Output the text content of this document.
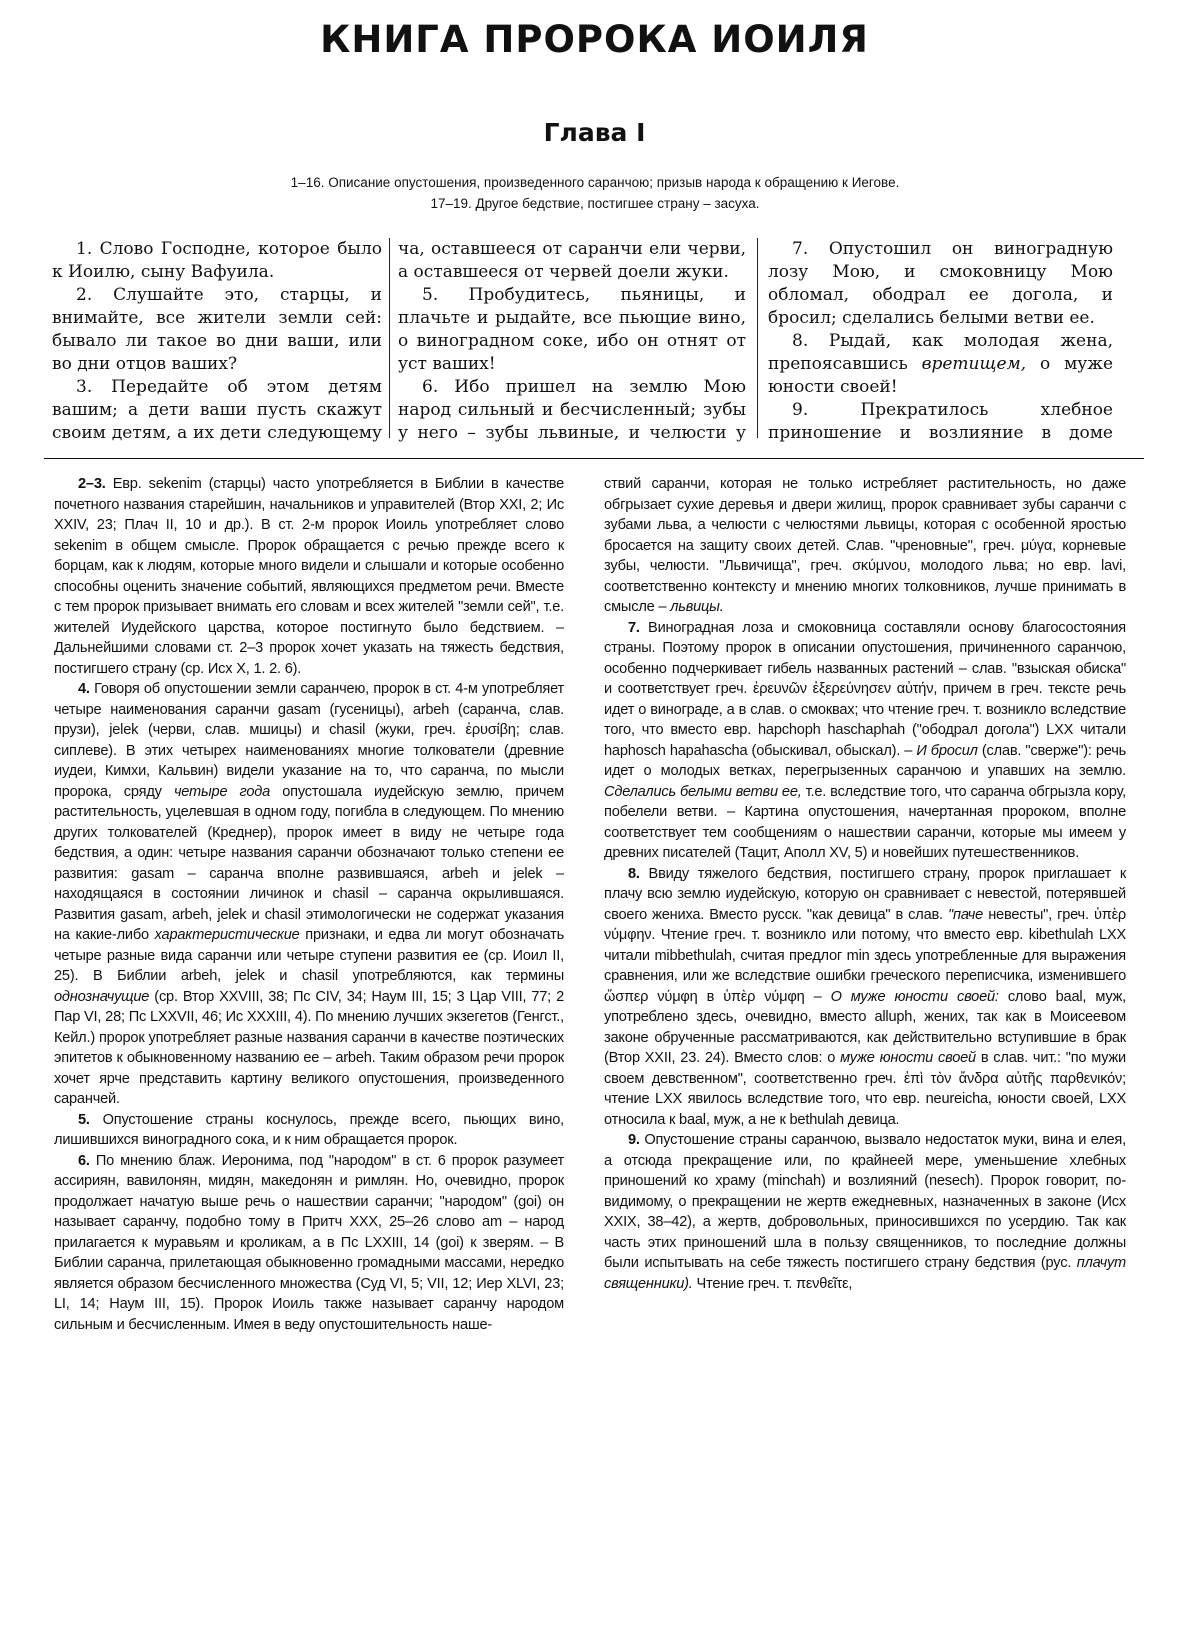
КНИГА ПРОРОКА ИОИЛЯ
Глава I
1–16. Описание опустошения, произведенного саранчою; призыв народа к обращению к Иегове.
17–19. Другое бедствие, постигшее страну – засуха.

1. Слово Господне, которое было к Иоилю, сыну Вафуила.

2. Слушайте это, старцы, и внимайте, все жители земли сей: бывало ли такое во дни ваши, или во дни отцов ваших?

3. Передайте об этом детям вашим; а дети ваши пусть скажут своим детям, а их дети следующему

ча, оставшееся от саранчи ели черви, а оставшееся от червей доели жуки.

5. Пробудитесь, пьяницы, и плачьте и рыдайте, все пьющие вино, о виноградном соке, ибо он отнят от уст ваших!

6. Ибо пришел на землю Мою народ сильный и бесчисленный; зубы у него – зубы львиные, и челюсти у

7. Опустошил он виноградную лозу Мою, и смоковницу Мою обломал, ободрал ее догола, и бросил; сделались белыми ветви ее.

8. Рыдай, как молодая жена, препоясавшись вретищем, о муже юности своей!

9. Прекратилось хлебное приношение и возлияние в доме

2–3. Евр. sekenim (старцы) часто употребляется в Библии в качестве почетного названия старейшин, начальников и управителей (Втор XXI, 2; Ис XXIV, 23; Плач II, 10 и др.). В ст. 2-м пророк Иоиль употребляет слово sekenim в общем смысле. Пророк обращается с речью прежде всего к борцам, как к людям, которые много видели и слышали и которые особенно способны оценить значение событий, являющихся предметом речи. Вместе с тем пророк призывает внимать его словам и всех жителей "земли сей", т.е. жителей Иудейского царства, которое постигнуто было бедствием. – Дальнейшими словами ст. 2–3 пророк хочет указать на тяжесть бедствия, постигшего страну (ср. Исх X, 1. 2. 6).

4. Говоря об опустошении земли саранчею, пророк в ст. 4-м употребляет четыре наименования саранчи gasam (гусеницы), arbeh (саранча, слав. прузи), jelek (черви, слав. мшицы) и chasil (жуки, греч. ἐρυσίβη; слав. сиплеве). В этих четырех наименованиях многие толкователи (древние иудеи, Кимхи, Кальвин) видели указание на то, что саранча, по мысли пророка, сряду четыре года опустошала иудейскую землю, причем растительность, уцелевшая в одном году, погибла в следующем. По мнению других толкователей (Креднер), пророк имеет в виду не четыре года бедствия, а один: четыре названия саранчи обозначают только степени ее развития: gasam – саранча вполне развившаяся, arbeh и jelek – находящаяся в состоянии личинок и chasil – саранча окрылившаяся. Развития gasam, arbeh, jelek и chasil этимологически не содержат указания на какие-либо характеристические признаки, и едва ли могут обозначать четыре разные вида саранчи или четыре ступени развития ее (ср. Иоил II, 25). В Библии arbeh, jelek и chasil употребляются, как термины однозначущие (ср. Втор XXVIII, 38; Пс CIV, 34; Наум III, 15; 3 Цар VIII, 77; 2 Пар VI, 28; Пс LXXVII, 46; Ис XXXIII, 4). По мнению лучших экзегетов (Генгст., Кейл.) пророк употребляет разные названия саранчи в качестве поэтических эпитетов к обыкновенному названию ее – arbeh. Таким образом речи пророк хочет ярче представить картину великого опустошения, произведенного саранчей.

5. Опустошение страны коснулось, прежде всего, пьющих вино, лишившихся виноградного сока, и к ним обращается пророк.

6. По мнению блаж. Иеронима, под "народом" в ст. 6 пророк разумеет ассириян, вавилонян, мидян, македонян и римлян. Но, очевидно, пророк продолжает начатую выше речь о нашествии саранчи; "народом" (goi) он называет саранчу, подобно тому в Притч XXX, 25–26 слово am – народ прилагается к муравьям и кроликам, а в Пс LXXIII, 14 (goi) к зверям. – В Библии саранча, прилетающая обыкновенно громадными массами, нередко является образом бесчисленного множества (Суд VI, 5; VII, 12; Иер XLVI, 23; LI, 14; Наум III, 15). Пророк Иоиль также называет саранчу народом сильным и бесчисленным. Имея в веду опустошительность наше-

ствий саранчи, которая не только истребляет растительность, но даже обгрызает сухие деревья и двери жилищ, пророк сравнивает зубы саранчи с зубами льва, а челюсти с челюстями львицы, которая с особенной яростью бросается на защиту своих детей. Слав. "чреновные", греч. μύγα, корневые зубы, челюсти. "Львичища", греч. σκύμνου, молодого льва; но евр. lavi, соответственно контексту и мнению многих толковников, лучше принимать в смысле – львицы.

7. Виноградная лоза и смоковница составляли основу благосостояния страны. Поэтому пророк в описании опустошения, причиненного саранчою, особенно подчеркивает гибель названных растений – слав. "взыская обиска" и соответствует греч. ἐρευνῶν ἐξερεύνησεν αὐτήν, причем в греч. тексте речь идет о винограде, а в слав. о смоквах; что чтение греч. т. возникло вследствие того, что вместо евр. hapchoph haschaphah ("ободрал догола") LXX читали haphosch hapahascha (обыскивал, обыскал). – И бросил (слав. "сверже"): речь идет о молодых ветках, перегрызенных саранчою и упавших на землю. Сделались белыми ветви ее, т.е. вследствие того, что саранча обгрызла кору, побелели ветви. – Картина опустошения, начертанная пророком, вполне соответствует тем сообщениям о нашествии саранчи, которые мы имеем у древних писателей (Тацит, Аполл XV, 5) и новейших путешественников.

8. Ввиду тяжелого бедствия, постигшего страну, пророк приглашает к плачу всю землю иудейскую, которую он сравнивает с невестой, потерявшей своего жениха. Вместо русск. "как девица" в слав. "паче невесты", греч. ὑπὲρ νύμφην. Чтение греч. т. возникло или потому, что вместо евр. kibethulah LXX читали mibbethulah, считая предлог min здесь употребленные для выражения сравнения, или же вследствие ошибки греческого переписчика, изменившего ὥσπερ νύμφη в ὑπὲρ νύμφη – О муже юности своей: слово baal, муж, употреблено здесь, очевидно, вместо alluph, жених, так как в Моисеевом законе обрученные рассматриваются, как действительно вступившие в брак (Втор XXII, 23. 24). Вместо слов: о муже юности своей в слав. чит.: "по мужи своем девственном", соответственно греч. ἐπὶ τὸν ἄνδρα αὐτῆς παρθενικόν; чтение LXX явилось вследствие того, что евр. neureicha, юности своей, LXX относила к baal, муж, а не к bethulah девица.

9. Опустошение страны саранчою, вызвало недостаток муки, вина и елея, а отсюда прекращение или, по крайнеей мере, уменьшение хлебных приношений ко храму (minchah) и возлияний (nesech). Пророк говорит, по-видимому, о прекращении не жертв ежедневных, назначенных в законе (Исх XXIX, 38–42), а жертв, добровольных, приносившихся по усердию. Так как часть этих приношений шла в пользу священников, то последние должны были испытывать на себе тяжесть постигшего страну бедствия (рус. плачут священники). Чтение греч. т. πενθεῖτε,
